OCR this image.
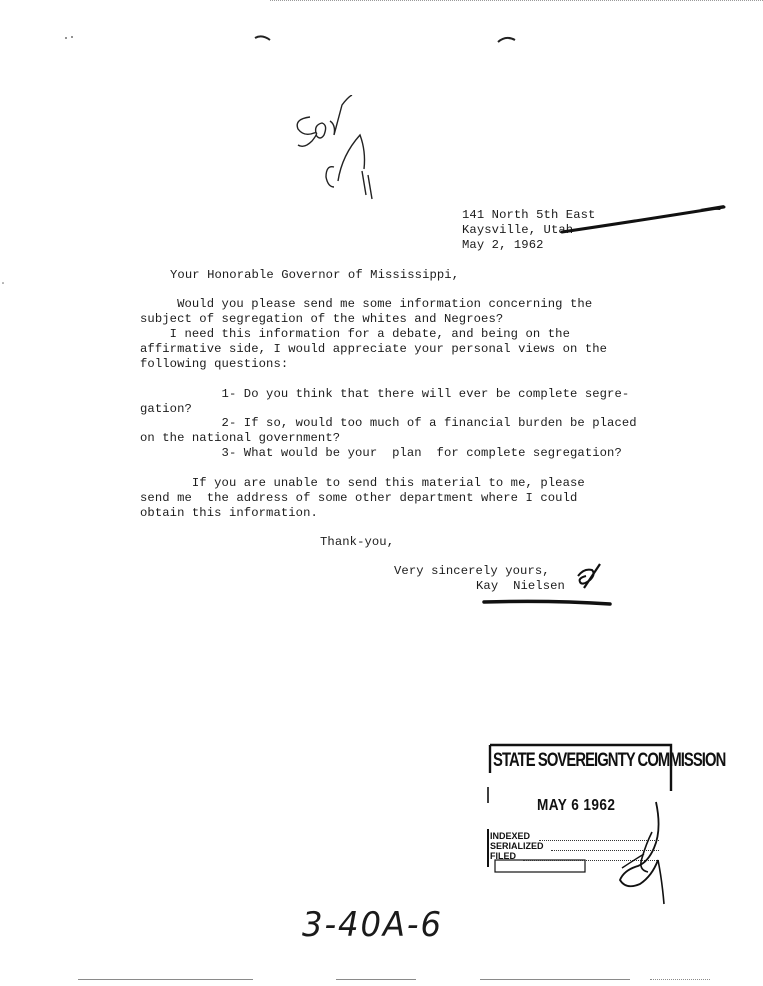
141 North 5th East
Kaysville, Utah
May 2, 1962
Your Honorable Governor of Mississippi,
Would you please send me some information concerning the
subject of segregation of the whites and Negroes?
I need this information for a debate, and being on the
affirmative side, I would appreciate your personal views on the
following questions:
1- Do you think that there will ever be complete segre-
gation?
2- If so, would too much of a financial burden be placed
on the national government?
3- What would be your  plan  for complete segregation?
If you are unable to send this material to me, please
send me  the address of some other department where I could
obtain this information.
Thank-you,
Very sincerely yours,
Kay  Nielsen
STATE SOVEREIGNTY COMMISSION
MAY 6 1962
INDEXED
SERIALIZED
FILED
3-40A-6
